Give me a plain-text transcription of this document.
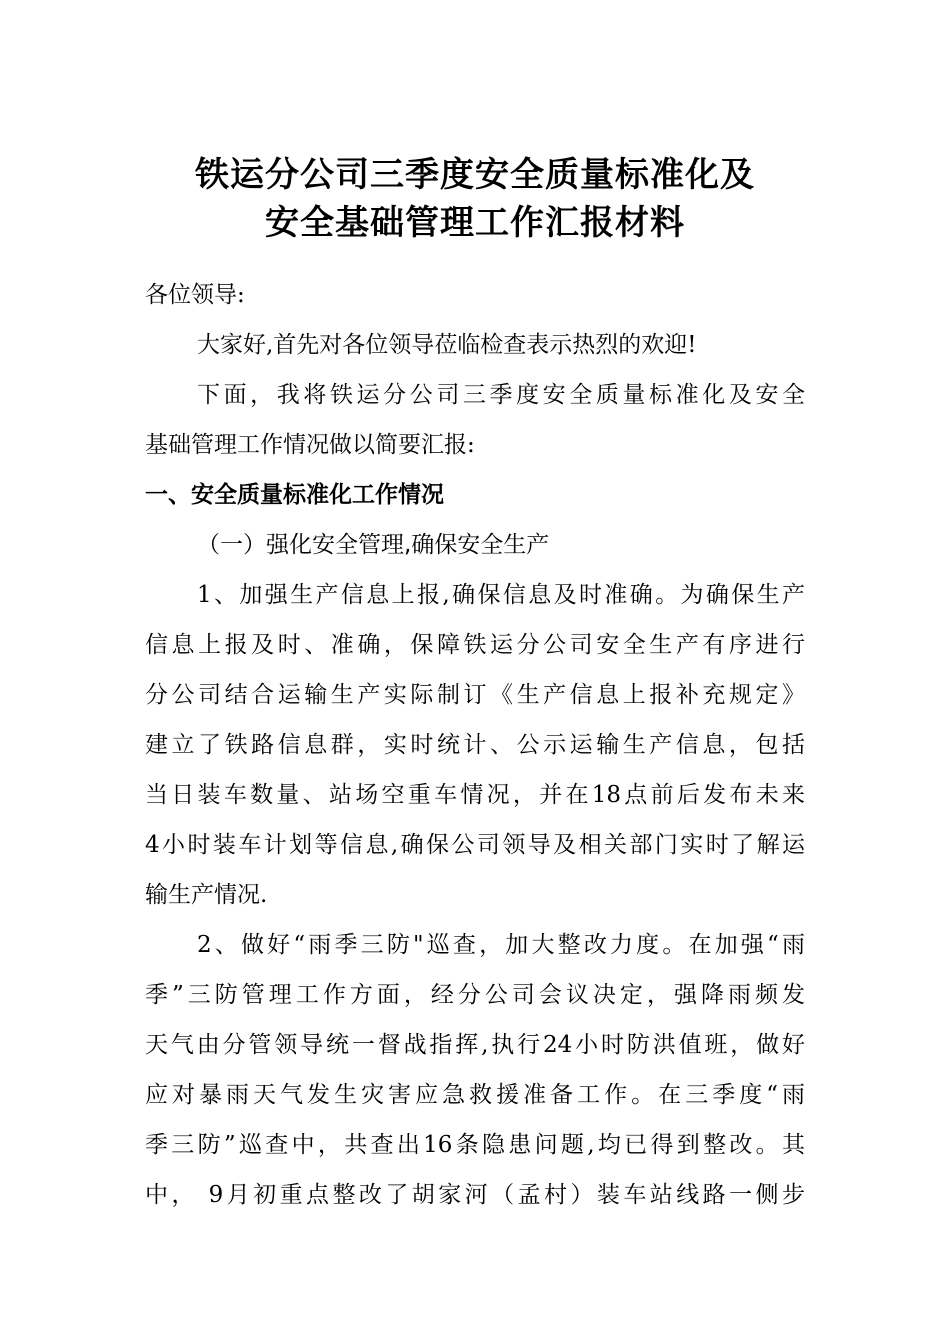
铁运分公司三季度安全质量标准化及
安全基础管理工作汇报材料
各位领导:
大家好,首先对各位领导莅临检查表示热烈的欢迎!
下面，我将铁运分公司三季度安全质量标准化及安全
基础管理工作情况做以简要汇报:
一、安全质量标准化工作情况
（一）强化安全管理,确保安全生产
1、加强生产信息上报,确保信息及时准确。为确保生产
信息上报及时、准确，保障铁运分公司安全生产有序进行
分公司结合运输生产实际制订《生产信息上报补充规定》
建立了铁路信息群，实时统计、公示运输生产信息，包括
当日装车数量、站场空重车情况，并在18点前后发布未来
4小时装车计划等信息,确保公司领导及相关部门实时了解运
输生产情况.
2、做好“雨季三防"巡查，加大整改力度。在加强“雨
季”三防管理工作方面，经分公司会议决定，强降雨频发
天气由分管领导统一督战指挥,执行24小时防洪值班，做好
应对暴雨天气发生灾害应急救援准备工作。在三季度“雨
季三防”巡查中，共查出16条隐患问题,均已得到整改。其
中， 9月初重点整改了胡家河（孟村）装车站线路一侧步
